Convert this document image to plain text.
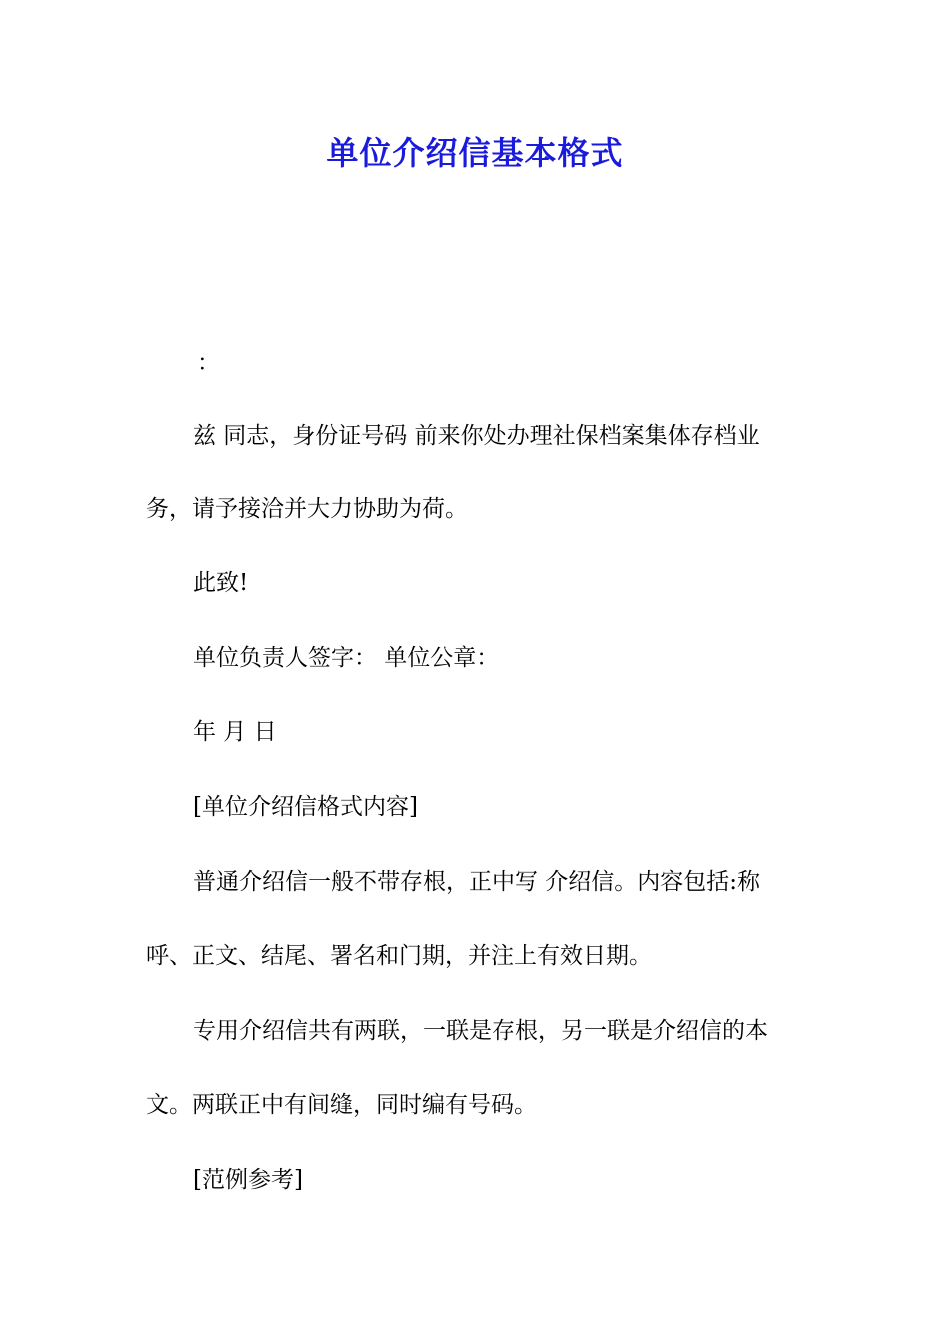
单位介绍信基本格式
：
兹 同志，身份证号码 前来你处办理社保档案集体存档业
务，请予接洽并大力协助为荷。
此致!
单位负责人签字： 单位公章：
年 月 日
[单位介绍信格式内容]
普通介绍信一般不带存根，正中写 介绍信。内容包括:称
呼、正文、结尾、署名和门期，并注上有效日期。
专用介绍信共有两联，一联是存根，另一联是介绍信的本
文。两联正中有间缝，同时编有号码。
[范例参考]
